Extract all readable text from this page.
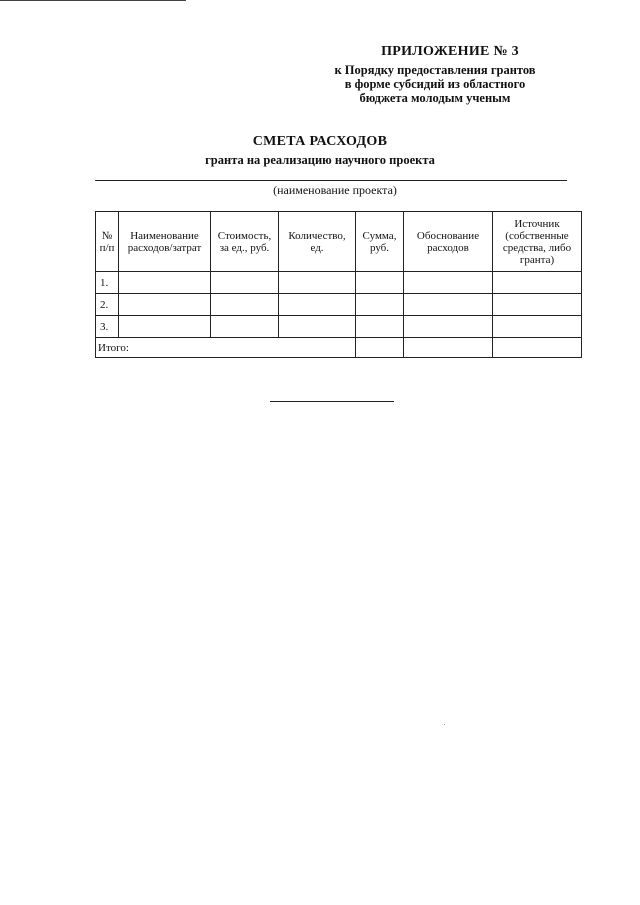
ПРИЛОЖЕНИЕ № 3
к Порядку предоставления грантов
в форме субсидий из областного
бюджета молодым ученым
СМЕТА РАСХОДОВ
гранта на реализацию научного проекта
(наименование проекта)
№ п/п	Наименование расходов/затрат	Стоимость, за ед., руб.	Количество, ед.	Сумма, руб.	Обоснование расходов	Источник (собственные средства, либо гранта)
1.						
2.						
3.						
Итого:						
